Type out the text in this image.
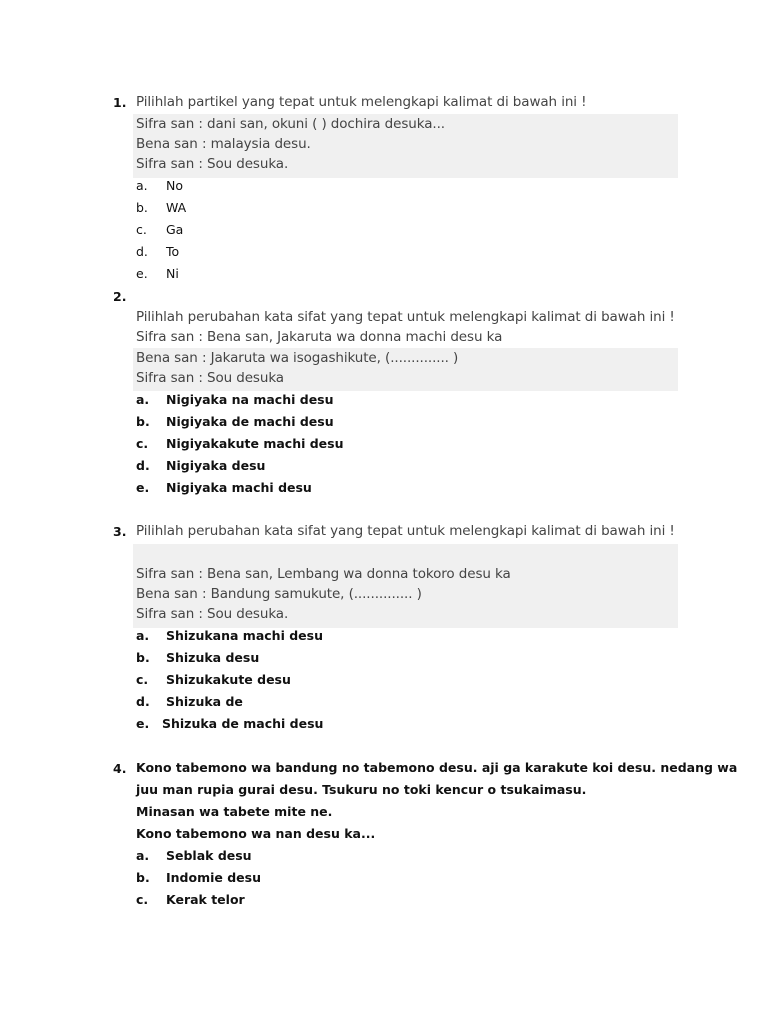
1. Pilihlah partikel yang tepat untuk melengkapi kalimat di bawah ini !
Sifra san : dani san, okuni ( ) dochira desuka...
Bena san : malaysia desu.
Sifra san : Sou desuka.
a. No
b. WA
c. Ga
d. To
e. Ni
2.
Pilihlah perubahan kata sifat yang tepat untuk melengkapi kalimat di bawah ini !
Sifra san : Bena san, Jakaruta wa donna machi desu ka
Bena san : Jakaruta wa isogashikute, (.............. )
Sifra san : Sou desuka
a. Nigiyaka na machi desu
b. Nigiyaka de machi desu
c. Nigiyakakute machi desu
d. Nigiyaka desu
e. Nigiyaka machi desu
3. Pilihlah perubahan kata sifat yang tepat untuk melengkapi kalimat di bawah ini !
Sifra san : Bena san, Lembang wa donna tokoro desu ka
Bena san : Bandung samukute, (.............. )
Sifra san : Sou desuka.
a. Shizukana machi desu
b. Shizuka desu
c. Shizukakute desu
d. Shizuka de
e. Shizuka de machi desu
4. Kono tabemono wa bandung no tabemono desu. aji ga karakute koi desu. nedang wa
juu man rupia gurai desu. Tsukuru no toki kencur o tsukaimasu.
Minasan wa tabete mite ne.
Kono tabemono wa nan desu ka...
a. Seblak desu
b. Indomie desu
c. Kerak telor
